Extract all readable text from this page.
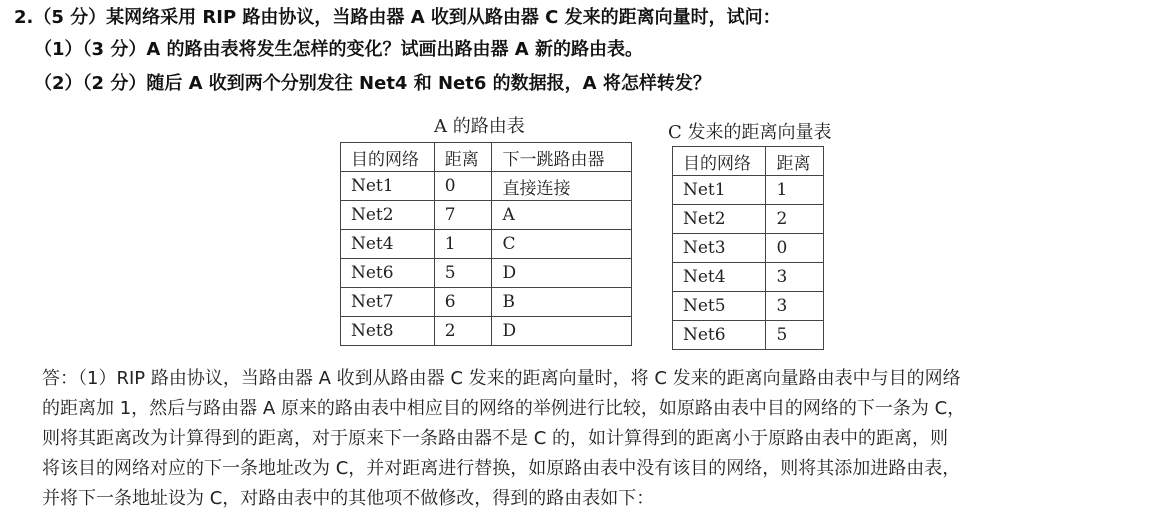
2.（5 分）某网络采用 RIP 路由协议，当路由器 A 收到从路由器 C 发来的距离向量时，试问：
（1）（3 分）A 的路由表将发生怎样的变化？试画出路由器 A 新的路由表。
（2）（2 分）随后 A 收到两个分别发往 Net4 和 Net6 的数据报，A 将怎样转发？
A 的路由表
目的网络	距离	下一跳路由器
Net1	0	直接连接
Net2	7	A
Net4	1	C
Net6	5	D
Net7	6	B
Net8	2	D
C 发来的距离向量表
目的网络	距离
Net1	1
Net2	2
Net3	0
Net4	3
Net5	3
Net6	5

答：（1）RIP 路由协议，当路由器 A 收到从路由器 C 发来的距离向量时，将 C 发来的距离向量路由表中与目的网络

的距离加 1，然后与路由器 A 原来的路由表中相应目的网络的举例进行比较，如原路由表中目的网络的下一条为 C，

则将其距离改为计算得到的距离，对于原来下一条路由器不是 C 的，如计算得到的距离小于原路由表中的距离，则

将该目的网络对应的下一条地址改为 C，并对距离进行替换，如原路由表中没有该目的网络，则将其添加进路由表，

并将下一条地址设为 C，对路由表中的其他项不做修改，得到的路由表如下：
